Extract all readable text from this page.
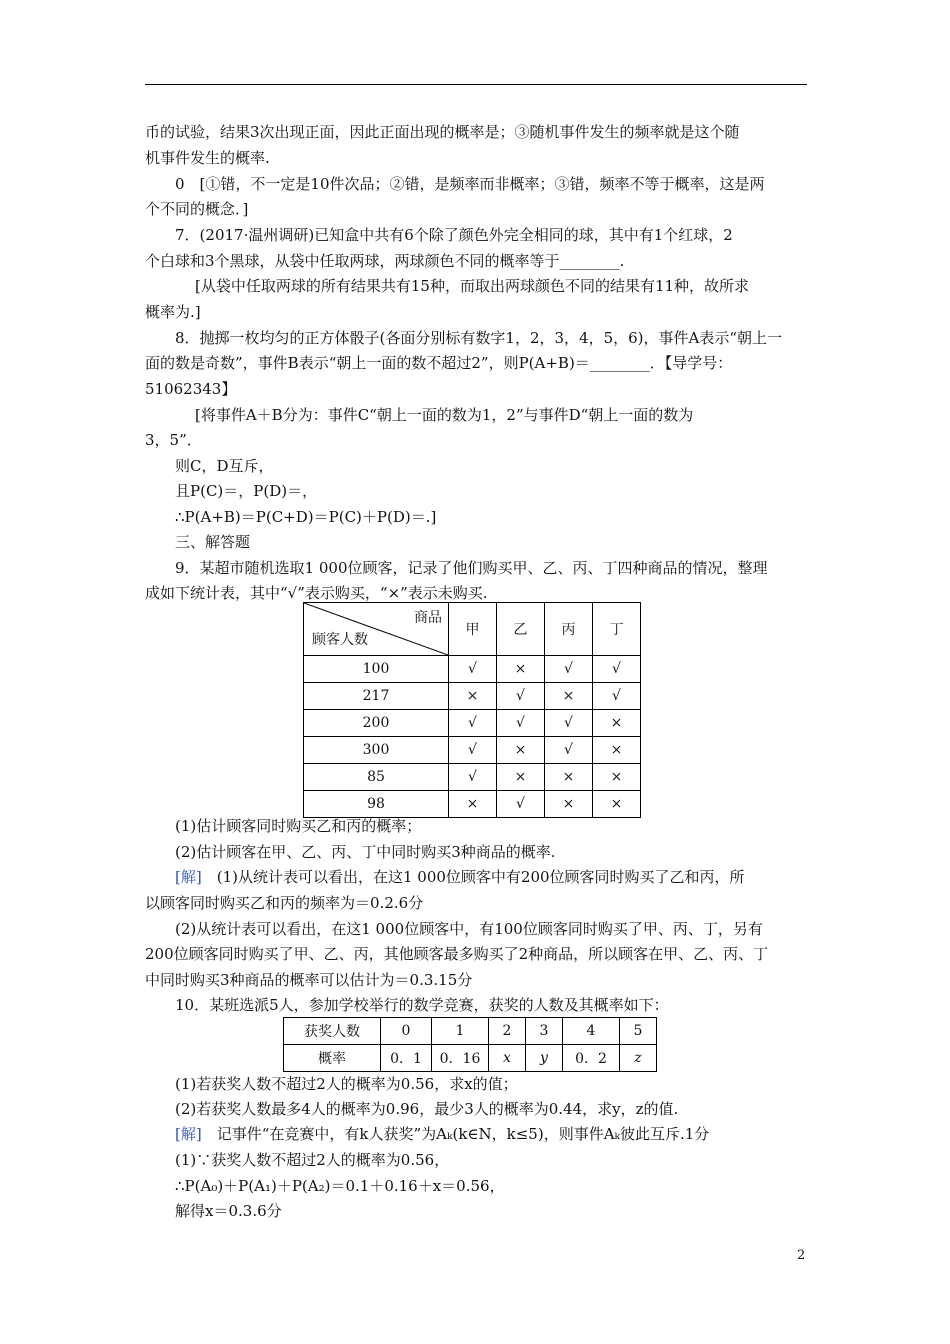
币的试验，结果3次出现正面，因此正面出现的概率是；③随机事件发生的频率就是这个随
机事件发生的概率.
0　[①错，不一定是10件次品；②错，是频率而非概率；③错，频率不等于概率，这是两
个不同的概念．]
7．(2017·温州调研)已知盒中共有6个除了颜色外完全相同的球，其中有1个红球，2
个白球和3个黑球，从袋中任取两球，两球颜色不同的概率等于________.
[从袋中任取两球的所有结果共有15种，而取出两球颜色不同的结果有11种，故所求
概率为.]
8．抛掷一枚均匀的正方体骰子(各面分别标有数字1，2，3，4，5，6)，事件A表示“朝上一
面的数是奇数”，事件B表示“朝上一面的数不超过2”，则P(A+B)＝________．【导学号：
51062343】
[将事件A＋B分为：事件C“朝上一面的数为1，2”与事件D“朝上一面的数为
3，5”．
则C，D互斥，
且P(C)＝，P(D)＝，
∴P(A+B)＝P(C+D)＝P(C)＋P(D)＝.]
三、解答题
9．某超市随机选取1 000位顾客，记录了他们购买甲、乙、丙、丁四种商品的情况，整理
成如下统计表，其中“√”表示购买，“×”表示未购买.
商品
顾客人数	甲	乙	丙	丁
100	√	×	√	√
217	×	√	×	√
200	√	√	√	×
300	√	×	√	×
85	√	×	×	×
98	×	√	×	×
(1)估计顾客同时购买乙和丙的概率；
(2)估计顾客在甲、乙、丙、丁中同时购买3种商品的概率.
[解]　 (1)从统计表可以看出，在这1 000位顾客中有200位顾客同时购买了乙和丙，所
以顾客同时购买乙和丙的频率为＝0.2.6分
(2)从统计表可以看出，在这1 000位顾客中，有100位顾客同时购买了甲、丙、丁，另有
200位顾客同时购买了甲、乙、丙，其他顾客最多购买了2种商品，所以顾客在甲、乙、丙、丁
中同时购买3种商品的概率可以估计为＝0.3.15分
10．某班选派5人，参加学校举行的数学竞赛，获奖的人数及其概率如下：
获奖人数	0	1	2	3	4	5
概率	0．1	0．16	x	y	0．2	z
(1)若获奖人数不超过2人的概率为0.56，求x的值；
(2)若获奖人数最多4人的概率为0.96，最少3人的概率为0.44，求y，z的值.
[解]　 记事件“在竞赛中，有k人获奖”为Aₖ(k∈N，k≤5)，则事件Aₖ彼此互斥.1分
(1)∵获奖人数不超过2人的概率为0.56，
∴P(A₀)＋P(A₁)＋P(A₂)＝0.1＋0.16＋x＝0.56，
解得x＝0.3.6分
2
